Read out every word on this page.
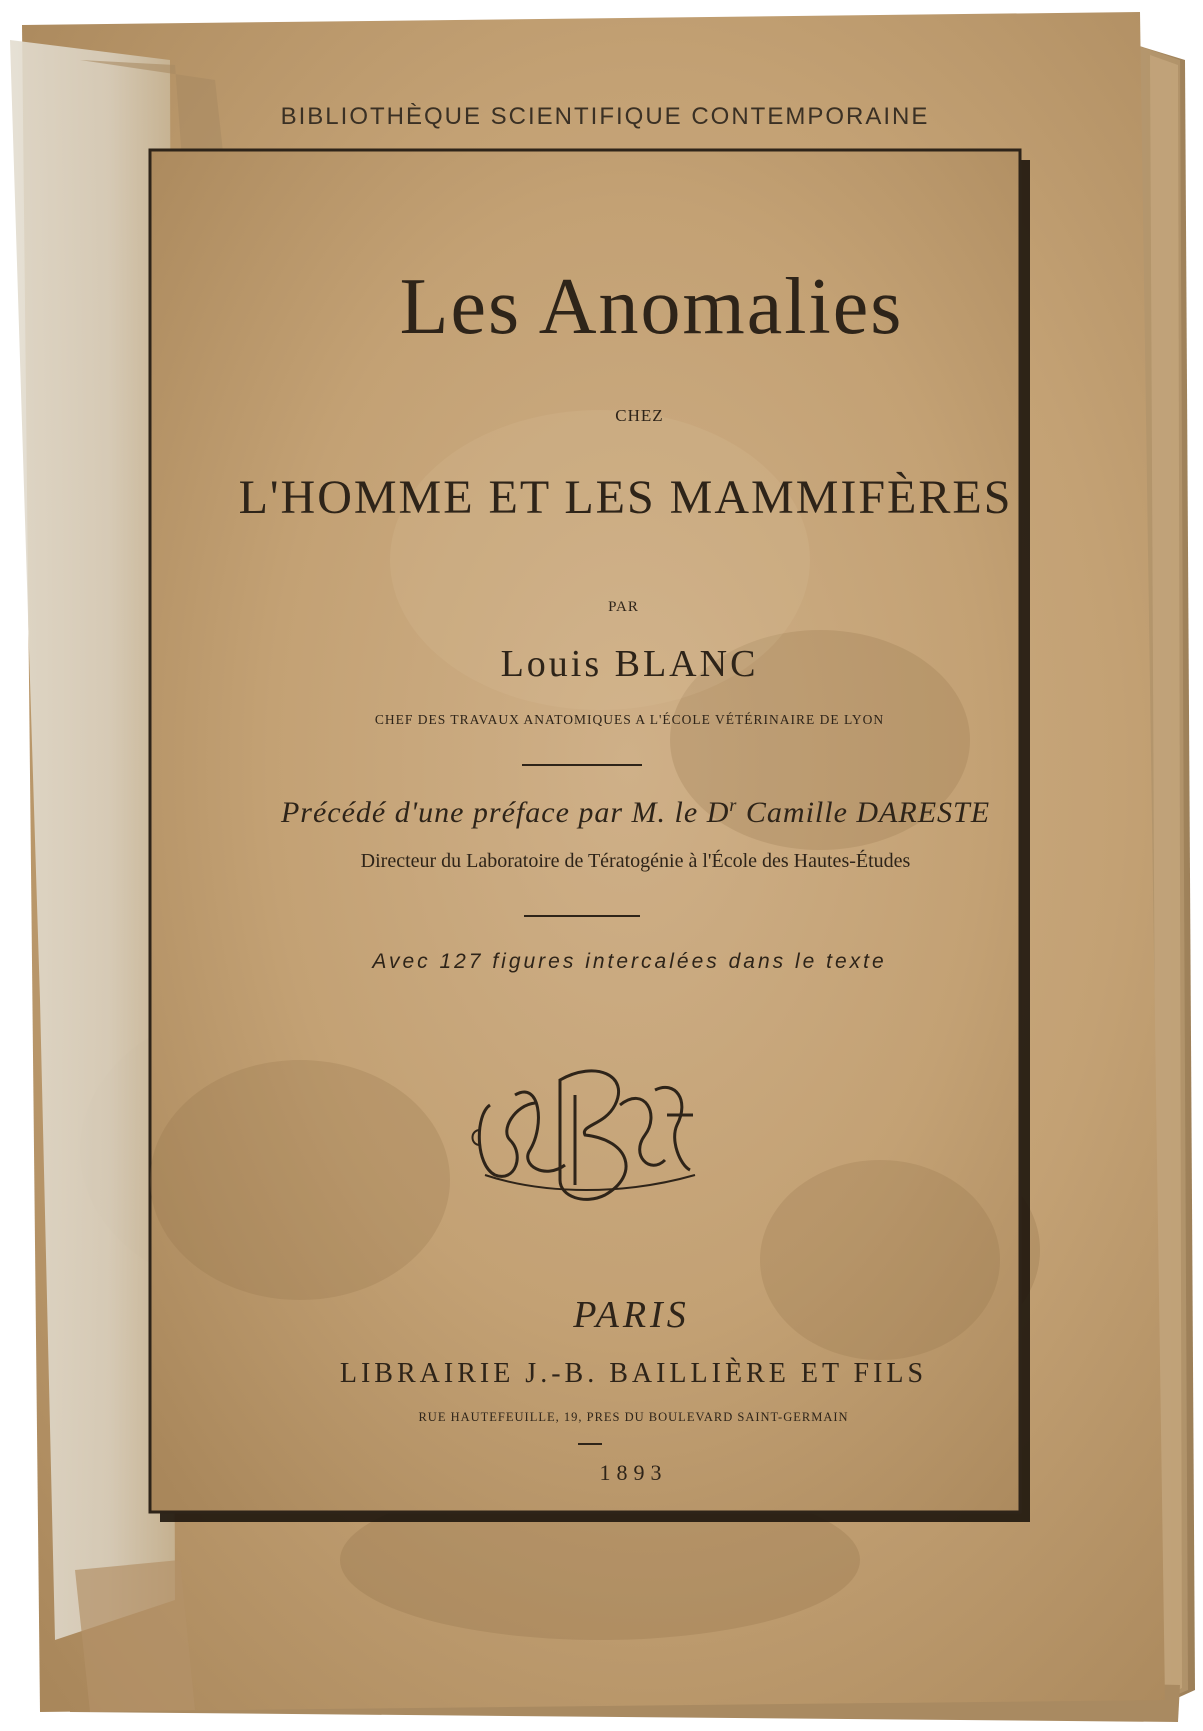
BIBLIOTHÈQUE SCIENTIFIQUE CONTEMPORAINE
Les Anomalies
CHEZ
L'HOMME ET LES MAMMIFÈRES
PAR
Louis BLANC
CHEF DES TRAVAUX ANATOMIQUES A L'ÉCOLE VÉTÉRINAIRE DE LYON
Précédé d'une préface par M. le $D^r$ Camille DARESTE
Directeur du Laboratoire de Tératogénie à l'École des Hautes-Études
Avec 127 figures intercalées dans le texte
PARIS
LIBRAIRIE J.-B. BAILLIÈRE ET FILS
RUE HAUTEFEUILLE, 19, PRES DU BOULEVARD SAINT-GERMAIN
1893
